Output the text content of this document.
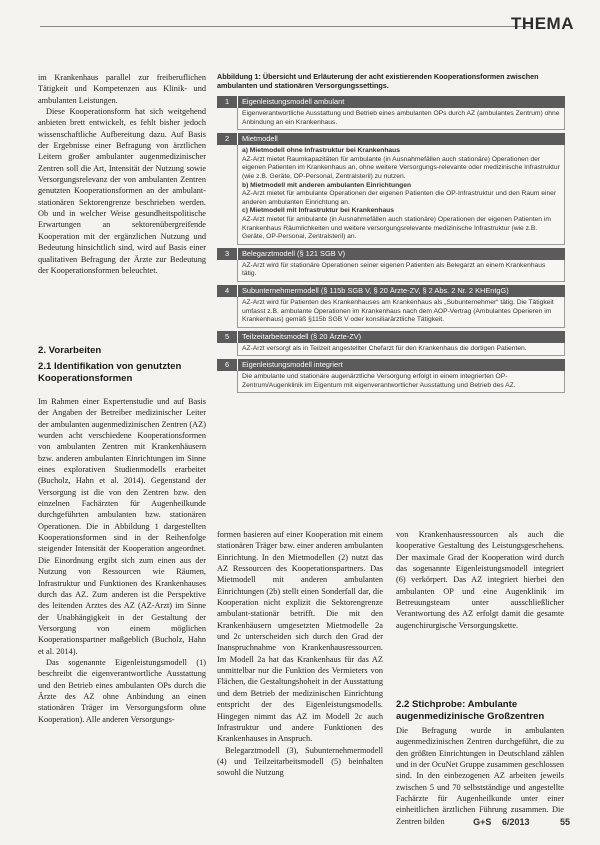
THEMA

im Krankenhaus parallel zur freiberuflichen Tätigkeit und Kompetenzen aus Klinik- und ambulanten Leistungen.

Diese Kooperationsform hat sich weitgehend anbieten brett entwickelt, es fehlt bisher jedoch wissenschaftliche Aufbereitung dazu. Auf Basis der Ergebnisse einer Befragung von ärztlichen Leitern großer ambulanter augenmedizinischer Zentren soll die Art, Intensität der Nutzung sowie Versorgungsrelevanz der von ambulanten Zentren genutzten Kooperationsformen an der ambulant-stationären Sektorengrenze beschrieben werden. Ob und in welcher Weise gesundheitspolitische Erwartungen an sektorenübergreifende Kooperation mit der ergänzlichen Nutzung und Bedeutung hinsichtlich sind, wird auf Basis einer qualitativen Befragung der Ärzte zur Bedeutung der Kooperationsformen beleuchtet.

2. Vorarbeiten
2.1 Identifikation von genutzten Kooperationsformen

Im Rahmen einer Expertenstudie und auf Basis der Angaben der Betreiber medizinischer Leiter der ambulanten augenmedizinischen Zentren (AZ) wurden acht verschiedene Kooperationsformen von ambulanten Zentren mit Krankenhäusern bzw. anderen ambulanten Einrichtungen im Sinne eines explorativen Studienmodells erarbeitet (Bucholz, Hahn et al. 2014). Gegenstand der Versorgung ist die von den Zentren bzw. den einzelnen Fachärzten für Augenheilkunde durchgeführten ambulanten bzw. stationären Operationen. Die in Abbildung 1 dargestellten Kooperationsformen sind in der Reihenfolge steigender Intensität der Kooperation angeordnet. Die Einordnung ergibt sich zum einen aus der Nutzung von Ressourcen wie Räumen, Infrastruktur und Funktionen des Krankenhauses durch das AZ. Zum anderen ist die Perspektive des leitenden Arztes des AZ (AZ-Arzt) im Sinne der Unabhängigkeit in der Gestaltung der Versorgung von einem möglichen Kooperationspartner maßgeblich (Bucholz, Hahn et al. 2014).

Das sogenannte Eigenleistungsmodell (1) beschreibt die eigenverantwortliche Ausstattung und den Betrieb eines ambulanten OPs durch die Ärzte des AZ ohne Anbindung an einen stationären Träger im Versorgungsform ohne Kooperation). Alle anderen Versorgungs-

Abbildung 1: Übersicht und Erläuterung der acht existierenden Kooperationsformen zwischen ambulanten und stationären Versorgungssettings.
1	Eigenleistungsmodell ambulant

Eigenverantwortliche Ausstattung und Betrieb eines ambulanten OPs durch AZ (ambulantes Zentrum) ohne Anbindung an ein Krankenhaus.

2	Mietmodell

a) Mietmodell ohne Infrastruktur bei Krankenhaus

AZ-Arzt mietet Raumkapazitäten für ambulante (in Ausnahmefällen auch stationäre) Operationen der eigenen Patienten im Krankenhaus an, ohne weitere Versorgungs-relevante oder medizinische Infrastruktur (wie z.B. Geräte, OP-Personal, Zentralsteril) zu nutzen.

b) Mietmodell mit anderen ambulanten Einrichtungen

AZ-Arzt mietet für ambulante Operationen der eigenen Patienten die OP-Infrastruktur und den Raum einer anderen ambulanten Einrichtung an.

c) Mietmodell mit Infrastruktur bei Krankenhaus

AZ-Arzt mietet für ambulante (in Ausnahmefällen auch stationäre) Operationen der eigenen Patienten im Krankenhaus Räumlichkeiten und weitere versorgungsrelevante medizinische Infrastruktur (wie z.B. Geräte, OP-Personal, Zentralsteril) an.

3	Belegarztmodell (§ 121 SGB V)

AZ-Arzt wird für stationäre Operationen seiner eigenen Patienten als Belegarzt an einem Krankenhaus tätig.

4	Subunternehmermodell (§ 115b SGB V, § 20 Ärzte-ZV, § 2 Abs. 2 Nr. 2 KHEntgG)

AZ-Arzt wird für Patienten des Krankenhauses am Krankenhaus als „Subunternehmer“ tätig. Die Tätigkeit umfasst z.B. ambulante Operationen im Krankenhaus nach dem AOP-Vertrag (Ambulantes Operieren im Krankenhaus) gemäß §115b SGB V oder konsiliarärztliche Tätigkeit.

5	Teilzeitarbeitsmodell (§ 20 Ärzte-ZV)

AZ-Arzt versorgt als in Teilzeit angestellter Chefarzt für den Krankenhaus die dortigen Patienten.

6	Eigenleistungsmodell integriert

Die ambulante und stationäre augenärztliche Versorgung erfolgt in einem integrierten OP-Zentrum/Augenklinik im Eigentum mit eigenverantwortlicher Ausstattung und Betrieb des AZ.

formen basieren auf einer Kooperation mit einem stationären Träger bzw. einer anderen ambulanten Einrichtung. In den Mietmodellen (2) nutzt das AZ Ressourcen des Kooperationspartners. Das Mietmodell mit anderen ambulanten Einrichtungen (2b) stellt einen Sonderfall dar, die Kooperation nicht explizit die Sektorengrenze ambulant-stationär betrifft. Die mit den Krankenhäusern umgesetzten Mietmodelle 2a und 2c unterscheiden sich durch den Grad der Inanspruchnahme von Krankenhausressourcen. Im Modell 2a hat das Krankenhaus für das AZ unmittelbar nur die Funktion des Vermieters von Flächen, die Gestaltungshoheit in der Ausstattung und dem Betrieb der medizinischen Einrichtung entspricht der des Eigenleistungsmodells. Hingegen nimmt das AZ im Modell 2c auch Infrastruktur und andere Funktionen des Krankenhauses in Anspruch.

Belegarztmodell (3), Subunternehmermodell (4) und Teilzeitarbeitsmodell (5) beinhalten sowohl die Nutzung

von Krankenhausressourcen als auch die kooperative Gestaltung des Leistungsgeschehens. Der maximale Grad der Kooperation wird durch das sogenannte Eigenleistungsmodell integriert (6) verkörpert. Das AZ integriert hierbei den ambulanten OP und eine Augenklinik im Betreuungsteam unter ausschließlicher Verantwortung des AZ erfolgt damit die gesamte augenchirurgische Versorgungskette.

2.2 Stichprobe: Ambulante augenmedizinische Großzentren

Die Befragung wurde in ambulanten augenmedizinischen Zentren durchgeführt, die zu den größten Einrichtungen in Deutschland zählen und in der OcuNet Gruppe zusammen geschlossen sind. In den einbezogenen AZ arbeiten jeweils zwischen 5 und 70 selbstständige und angestellte Fachärzte für Augenheilkunde unter einer einheitlichen ärztlichen Führung zusammen. Die Zentren bilden	G+S 6/2013	55
